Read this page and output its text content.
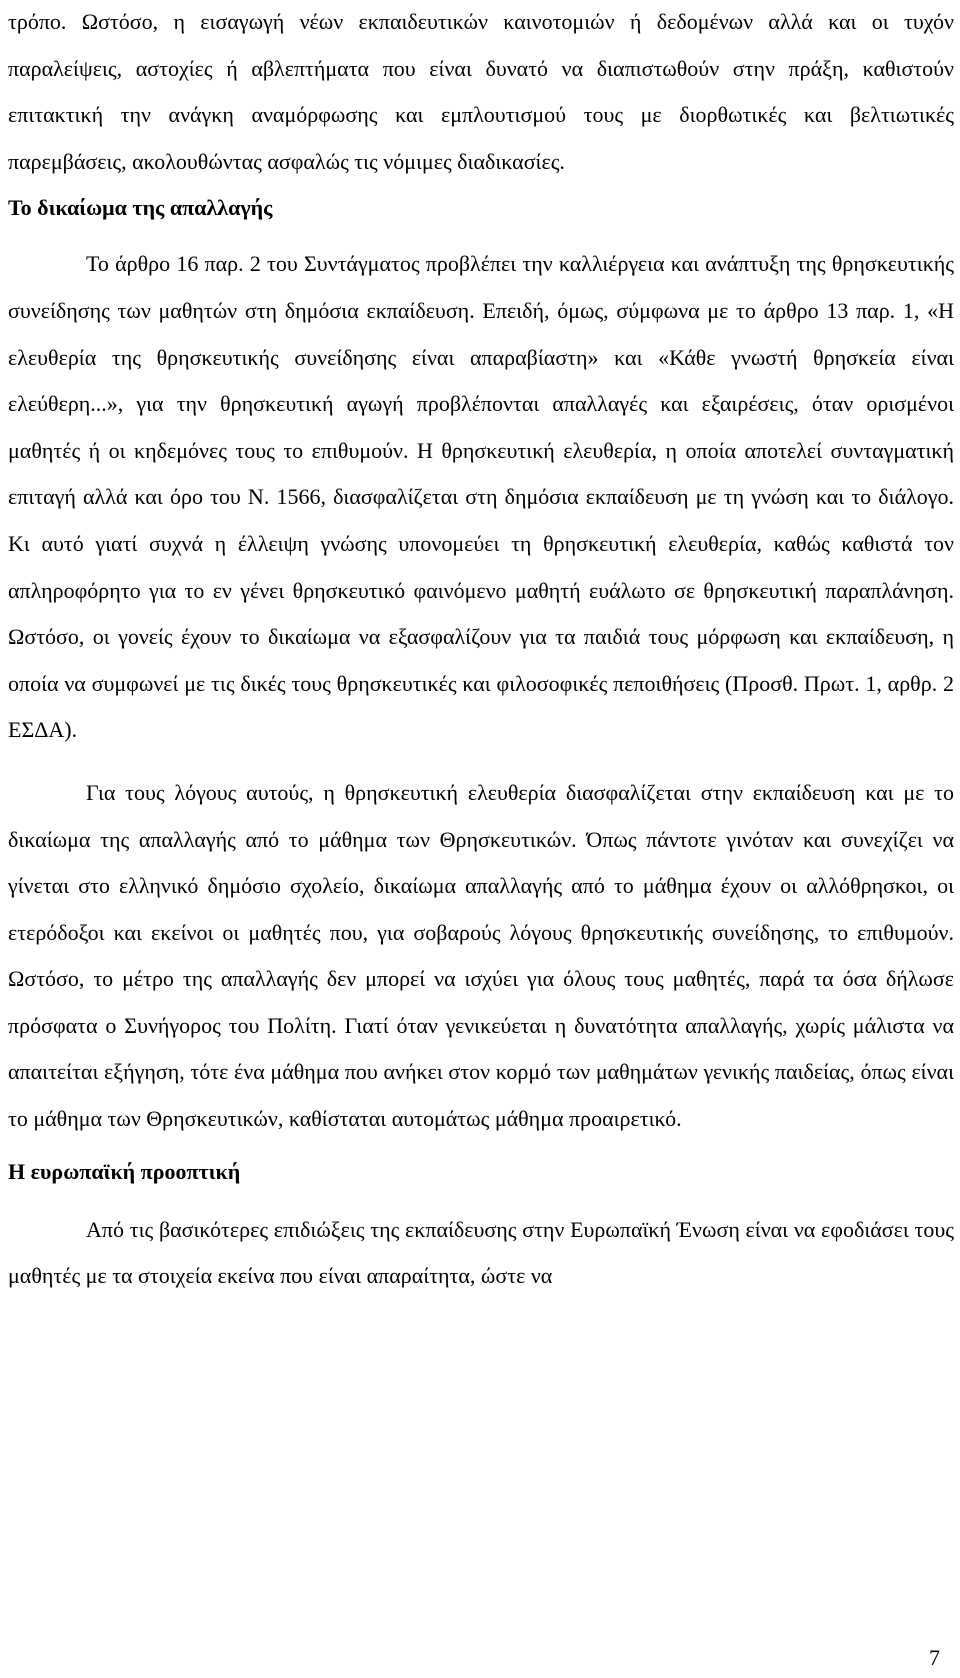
τρόπο. Ωστόσο, η εισαγωγή νέων εκπαιδευτικών καινοτομιών ή δεδομένων αλλά και οι τυχόν παραλείψεις, αστοχίες ή αβλεπτήματα που είναι δυνατό να διαπιστωθούν στην πράξη, καθιστούν επιτακτική την ανάγκη αναμόρφωσης και εμπλουτισμού τους με διορθωτικές και βελτιωτικές παρεμβάσεις, ακολουθώντας ασφαλώς τις νόμιμες διαδικασίες.

Το δικαίωμα της απαλλαγής

Το άρθρο 16 παρ. 2 του Συντάγματος προβλέπει την καλλιέργεια και ανάπτυξη της θρησκευτικής συνείδησης των μαθητών στη δημόσια εκπαίδευση. Επειδή, όμως, σύμφωνα με το άρθρο 13 παρ. 1, «Η ελευθερία της θρησκευτικής συνείδησης είναι απαραβίαστη» και «Κάθε γνωστή θρησκεία είναι ελεύθερη...», για την θρησκευτική αγωγή προβλέπονται απαλλαγές και εξαιρέσεις, όταν ορισμένοι μαθητές ή οι κηδεμόνες τους το επιθυμούν. Η θρησκευτική ελευθερία, η οποία αποτελεί συνταγματική επιταγή αλλά και όρο του Ν. 1566, διασφαλίζεται στη δημόσια εκπαίδευση με τη γνώση και το διάλογο. Κι αυτό γιατί συχνά η έλλειψη γνώσης υπονομεύει τη θρησκευτική ελευθερία, καθώς καθιστά τον απληροφόρητο για το εν γένει θρησκευτικό φαινόμενο μαθητή ευάλωτο σε θρησκευτική παραπλάνηση. Ωστόσο, οι γονείς έχουν το δικαίωμα να εξασφαλίζουν για τα παιδιά τους μόρφωση και εκπαίδευση, η οποία να συμφωνεί με τις δικές τους θρησκευτικές και φιλοσοφικές πεποιθήσεις (Προσθ. Πρωτ. 1, αρθρ. 2 ΕΣΔΑ).

Για τους λόγους αυτούς, η θρησκευτική ελευθερία διασφαλίζεται στην εκπαίδευση και με το δικαίωμα της απαλλαγής από το μάθημα των Θρησκευτικών. Όπως πάντοτε γινόταν και συνεχίζει να γίνεται στο ελληνικό δημόσιο σχολείο, δικαίωμα απαλλαγής από το μάθημα έχουν οι αλλόθρησκοι, οι ετερόδοξοι και εκείνοι οι μαθητές που, για σοβαρούς λόγους θρησκευτικής συνείδησης, το επιθυμούν. Ωστόσο, το μέτρο της απαλλαγής δεν μπορεί να ισχύει για όλους τους μαθητές, παρά τα όσα δήλωσε πρόσφατα ο Συνήγορος του Πολίτη. Γιατί όταν γενικεύεται η δυνατότητα απαλλαγής, χωρίς μάλιστα να απαιτείται εξήγηση, τότε ένα μάθημα που ανήκει στον κορμό των μαθημάτων γενικής παιδείας, όπως είναι το μάθημα των Θρησκευτικών, καθίσταται αυτομάτως μάθημα προαιρετικό.

Η ευρωπαϊκή προοπτική

Από τις βασικότερες επιδιώξεις της εκπαίδευσης στην Ευρωπαϊκή Ένωση είναι να εφοδιάσει τους μαθητές με τα στοιχεία εκείνα που είναι απαραίτητα, ώστε να

7
